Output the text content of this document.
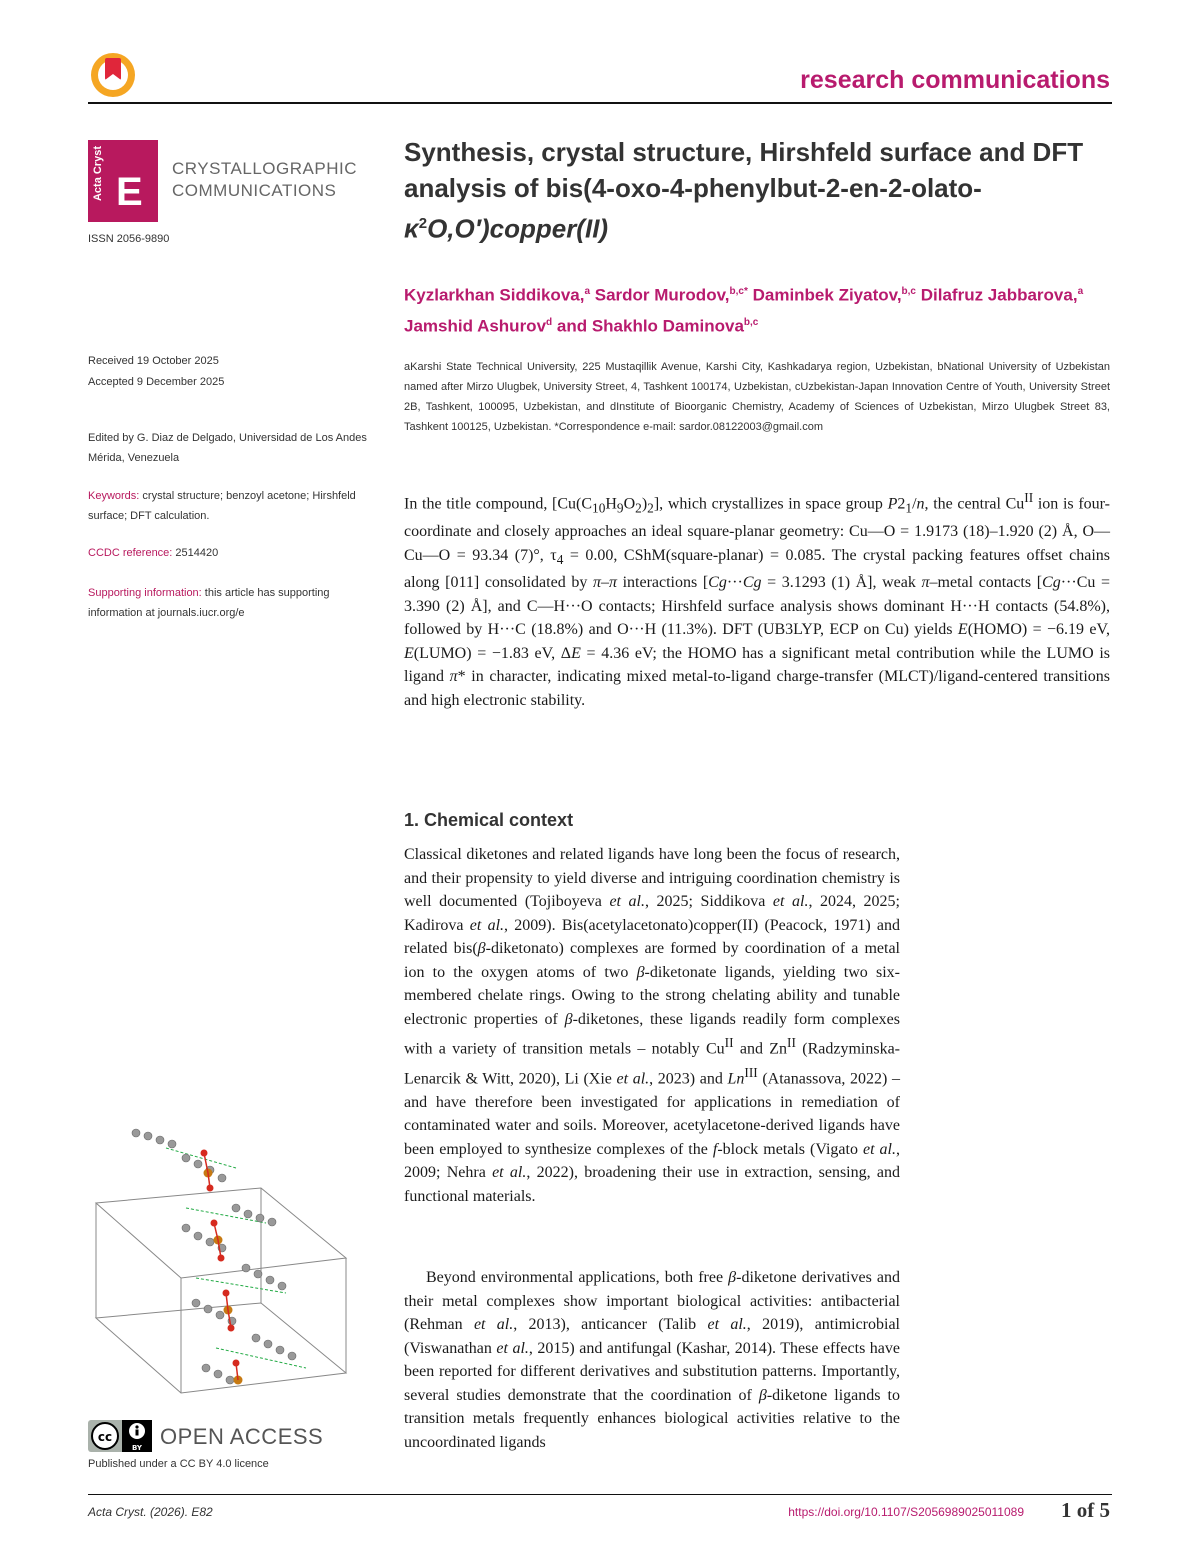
research communications
Acta Cryst E
CRYSTALLOGRAPHIC COMMUNICATIONS
ISSN 2056-9890
Received 19 October 2025
Accepted 9 December 2025
Edited by G. Diaz de Delgado, Universidad de Los Andes Mérida, Venezuela
Keywords: crystal structure; benzoyl acetone; Hirshfeld surface; DFT calculation.
CCDC reference: 2514420
Supporting information: this article has supporting information at journals.iucr.org/e
Synthesis, crystal structure, Hirshfeld surface and DFT analysis of bis(4-oxo-4-phenylbut-2-en-2-olato-
$\kappa^2O,O')copper(II)$
Kyzlarkhan Siddikova,$^a$ Sardor Murodov,$^{b,c*}$ Daminbek Ziyatov,$^{b,c}$ Dilafruz Jabbarova,$^a$ Jamshid Ashurov$^d$ and Shakhlo Daminova$^{b,c}$
aKarshi State Technical University, 225 Mustaqillik Avenue, Karshi City, Kashkadarya region, Uzbekistan, bNational University of Uzbekistan named after Mirzo Ulugbek, University Street, 4, Tashkent 100174, Uzbekistan, cUzbekistan-Japan Innovation Centre of Youth, University Street 2B, Tashkent, 100095, Uzbekistan, and dInstitute of Bioorganic Chemistry, Academy of Sciences of Uzbekistan, Mirzo Ulugbek Street 83, Tashkent 100125, Uzbekistan. *Correspondence e-mail: sardor.08122003@gmail.com
In the title compound, $[Cu(C_{10}H_9O_2)_2]$, which crystallizes in space group $P2_1/n$, the central $Cu^{II}$ ion is four-coordinate and closely approaches an ideal square-planar geometry: Cu—O = 1.9173 (18)–1.920 (2) Å, O—Cu—O = 93.34 (7)°, $\tau_4 = 0.00$, CShM(square-planar) = 0.085. The crystal packing features offset chains along [011] consolidated by π–π interactions [Cg···Cg = 3.1293 (1) Å], weak π–metal contacts [Cg···Cu = 3.390 (2) Å], and C—H···O contacts; Hirshfeld surface analysis shows dominant H···H contacts (54.8%), followed by H···C (18.8%) and O···H (11.3%). DFT (UB3LYP, ECP on Cu) yields E(HOMO) = −6.19 eV, E(LUMO) = −1.83 eV, ΔE = 4.36 eV; the HOMO has a significant metal contribution while the LUMO is ligand π* in character, indicating mixed metal-to-ligand charge-transfer (MLCT)/ligand-centered transitions and high electronic stability.
1. Chemical context
Classical diketones and related ligands have long been the focus of research, and their propensity to yield diverse and intriguing coordination chemistry is well documented (Tojiboyeva et al., 2025; Siddikova et al., 2024, 2025; Kadirova et al., 2009). Bis(acetylacetonato)copper(II) (Peacock, 1971) and related bis(β-diketonato) complexes are formed by coordination of a metal ion to the oxygen atoms of two β-diketonate ligands, yielding two six-membered chelate rings. Owing to the strong chelating ability and tunable electronic properties of β-diketones, these ligands readily form complexes with a variety of transition metals – notably $Cu^{II}$ and $Zn^{II}$ (Radzyminska-Lenarcik & Witt, 2020), Li (Xie et al., 2023) and $Ln^{III}$ (Atanassova, 2022) – and have therefore been investigated for applications in remediation of contaminated water and soils. Moreover, acetylacetone-derived ligands have been employed to synthesize complexes of the f-block metals (Vigato et al., 2009; Nehra et al., 2022), broadening their use in extraction, sensing, and functional materials.
Beyond environmental applications, both free β-diketone derivatives and their metal complexes show important biological activities: antibacterial (Rehman et al., 2013), anticancer (Talib et al., 2019), antimicrobial (Viswanathan et al., 2015) and antifungal (Kashar, 2014). These effects have been reported for different derivatives and substitution patterns. Importantly, several studies demonstrate that the coordination of β-diketone ligands to transition metals frequently enhances biological activities relative to the uncoordinated ligands
cc
BY OPEN ACCESS
Published under a CC BY 4.0 licence
Acta Cryst. (2026). E82	https://doi.org/10.1107/S2056989025011089 1 of 5
